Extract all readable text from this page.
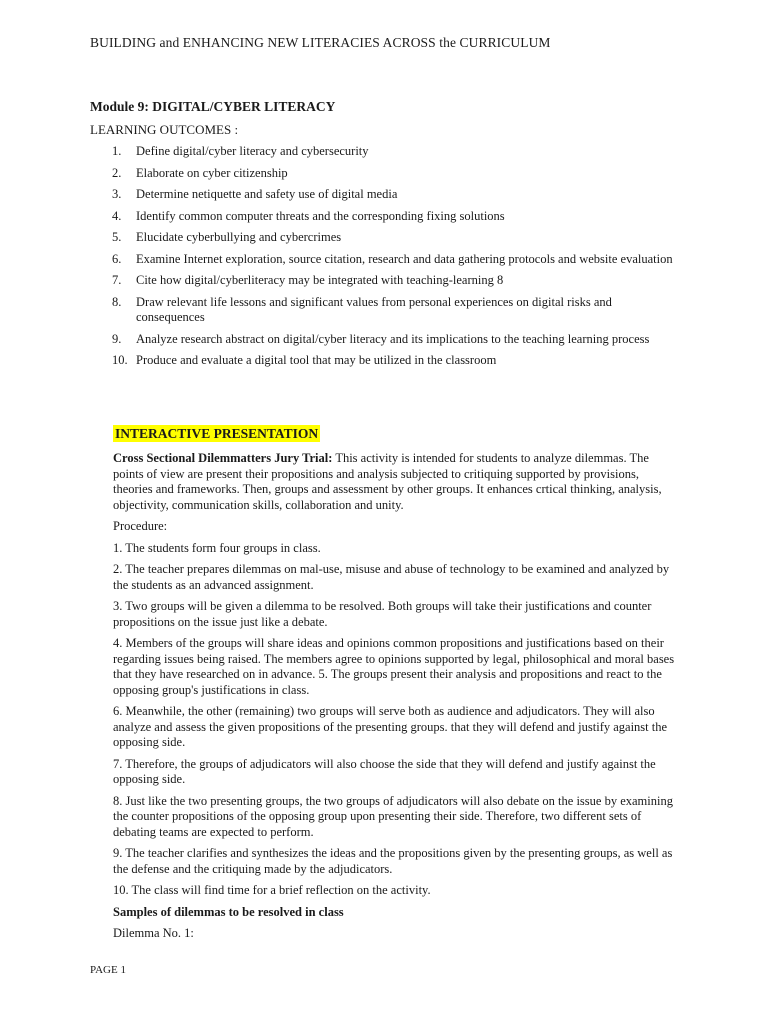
BUILDING and ENHANCING NEW LITERACIES ACROSS the CURRICULUM
Module 9: DIGITAL/CYBER LITERACY
LEARNING OUTCOMES :
1. Define digital/cyber literacy and cybersecurity
2. Elaborate on cyber citizenship
3. Determine netiquette and safety use of digital media
4. Identify common computer threats and the corresponding fixing solutions
5. Elucidate cyberbullying and cybercrimes
6. Examine Internet exploration, source citation, research and data gathering protocols and website evaluation
7. Cite how digital/cyberliteracy may be integrated with teaching-learning 8
8. Draw relevant life lessons and significant values from personal experiences on digital risks and consequences
9. Analyze research abstract on digital/cyber literacy and its implications to the teaching learning process
10. Produce and evaluate a digital tool that may be utilized in the classroom
INTERACTIVE PRESENTATION

Cross Sectional Dilemmatters Jury Trial: This activity is intended for students to analyze dilemmas. The points of view are present their propositions and analysis subjected to critiquing supported by provisions, theories and frameworks. Then, groups and assessment by other groups. It enhances crtical thinking, analysis, objectivity, communication skills, collaboration and unity.

Procedure:

1. The students form four groups in class.

2. The teacher prepares dilemmas on mal-use, misuse and abuse of technology to be examined and analyzed by the students as an advanced assignment.

3. Two groups will be given a dilemma to be resolved. Both groups will take their justifications and counter propositions on the issue just like a debate.

4. Members of the groups will share ideas and opinions common propositions and justifications based on their regarding issues being raised. The members agree to opinions supported by legal, philosophical and moral bases that they have researched on in advance. 5. The groups present their analysis and propositions and react to the opposing group's justifications in class.

6. Meanwhile, the other (remaining) two groups will serve both as audience and adjudicators. They will also analyze and assess the given propositions of the presenting groups. that they will defend and justify against the opposing side.

7. Therefore, the groups of adjudicators will also choose the side that they will defend and justify against the opposing side.

8. Just like the two presenting groups, the two groups of adjudicators will also debate on the issue by examining the counter propositions of the opposing group upon presenting their side. Therefore, two different sets of debating teams are expected to perform.

9. The teacher clarifies and synthesizes the ideas and the propositions given by the presenting groups, as well as the defense and the critiquing made by the adjudicators.

10. The class will find time for a brief reflection on the activity.

Samples of dilemmas to be resolved in class

Dilemma No. 1:

PAGE 1
